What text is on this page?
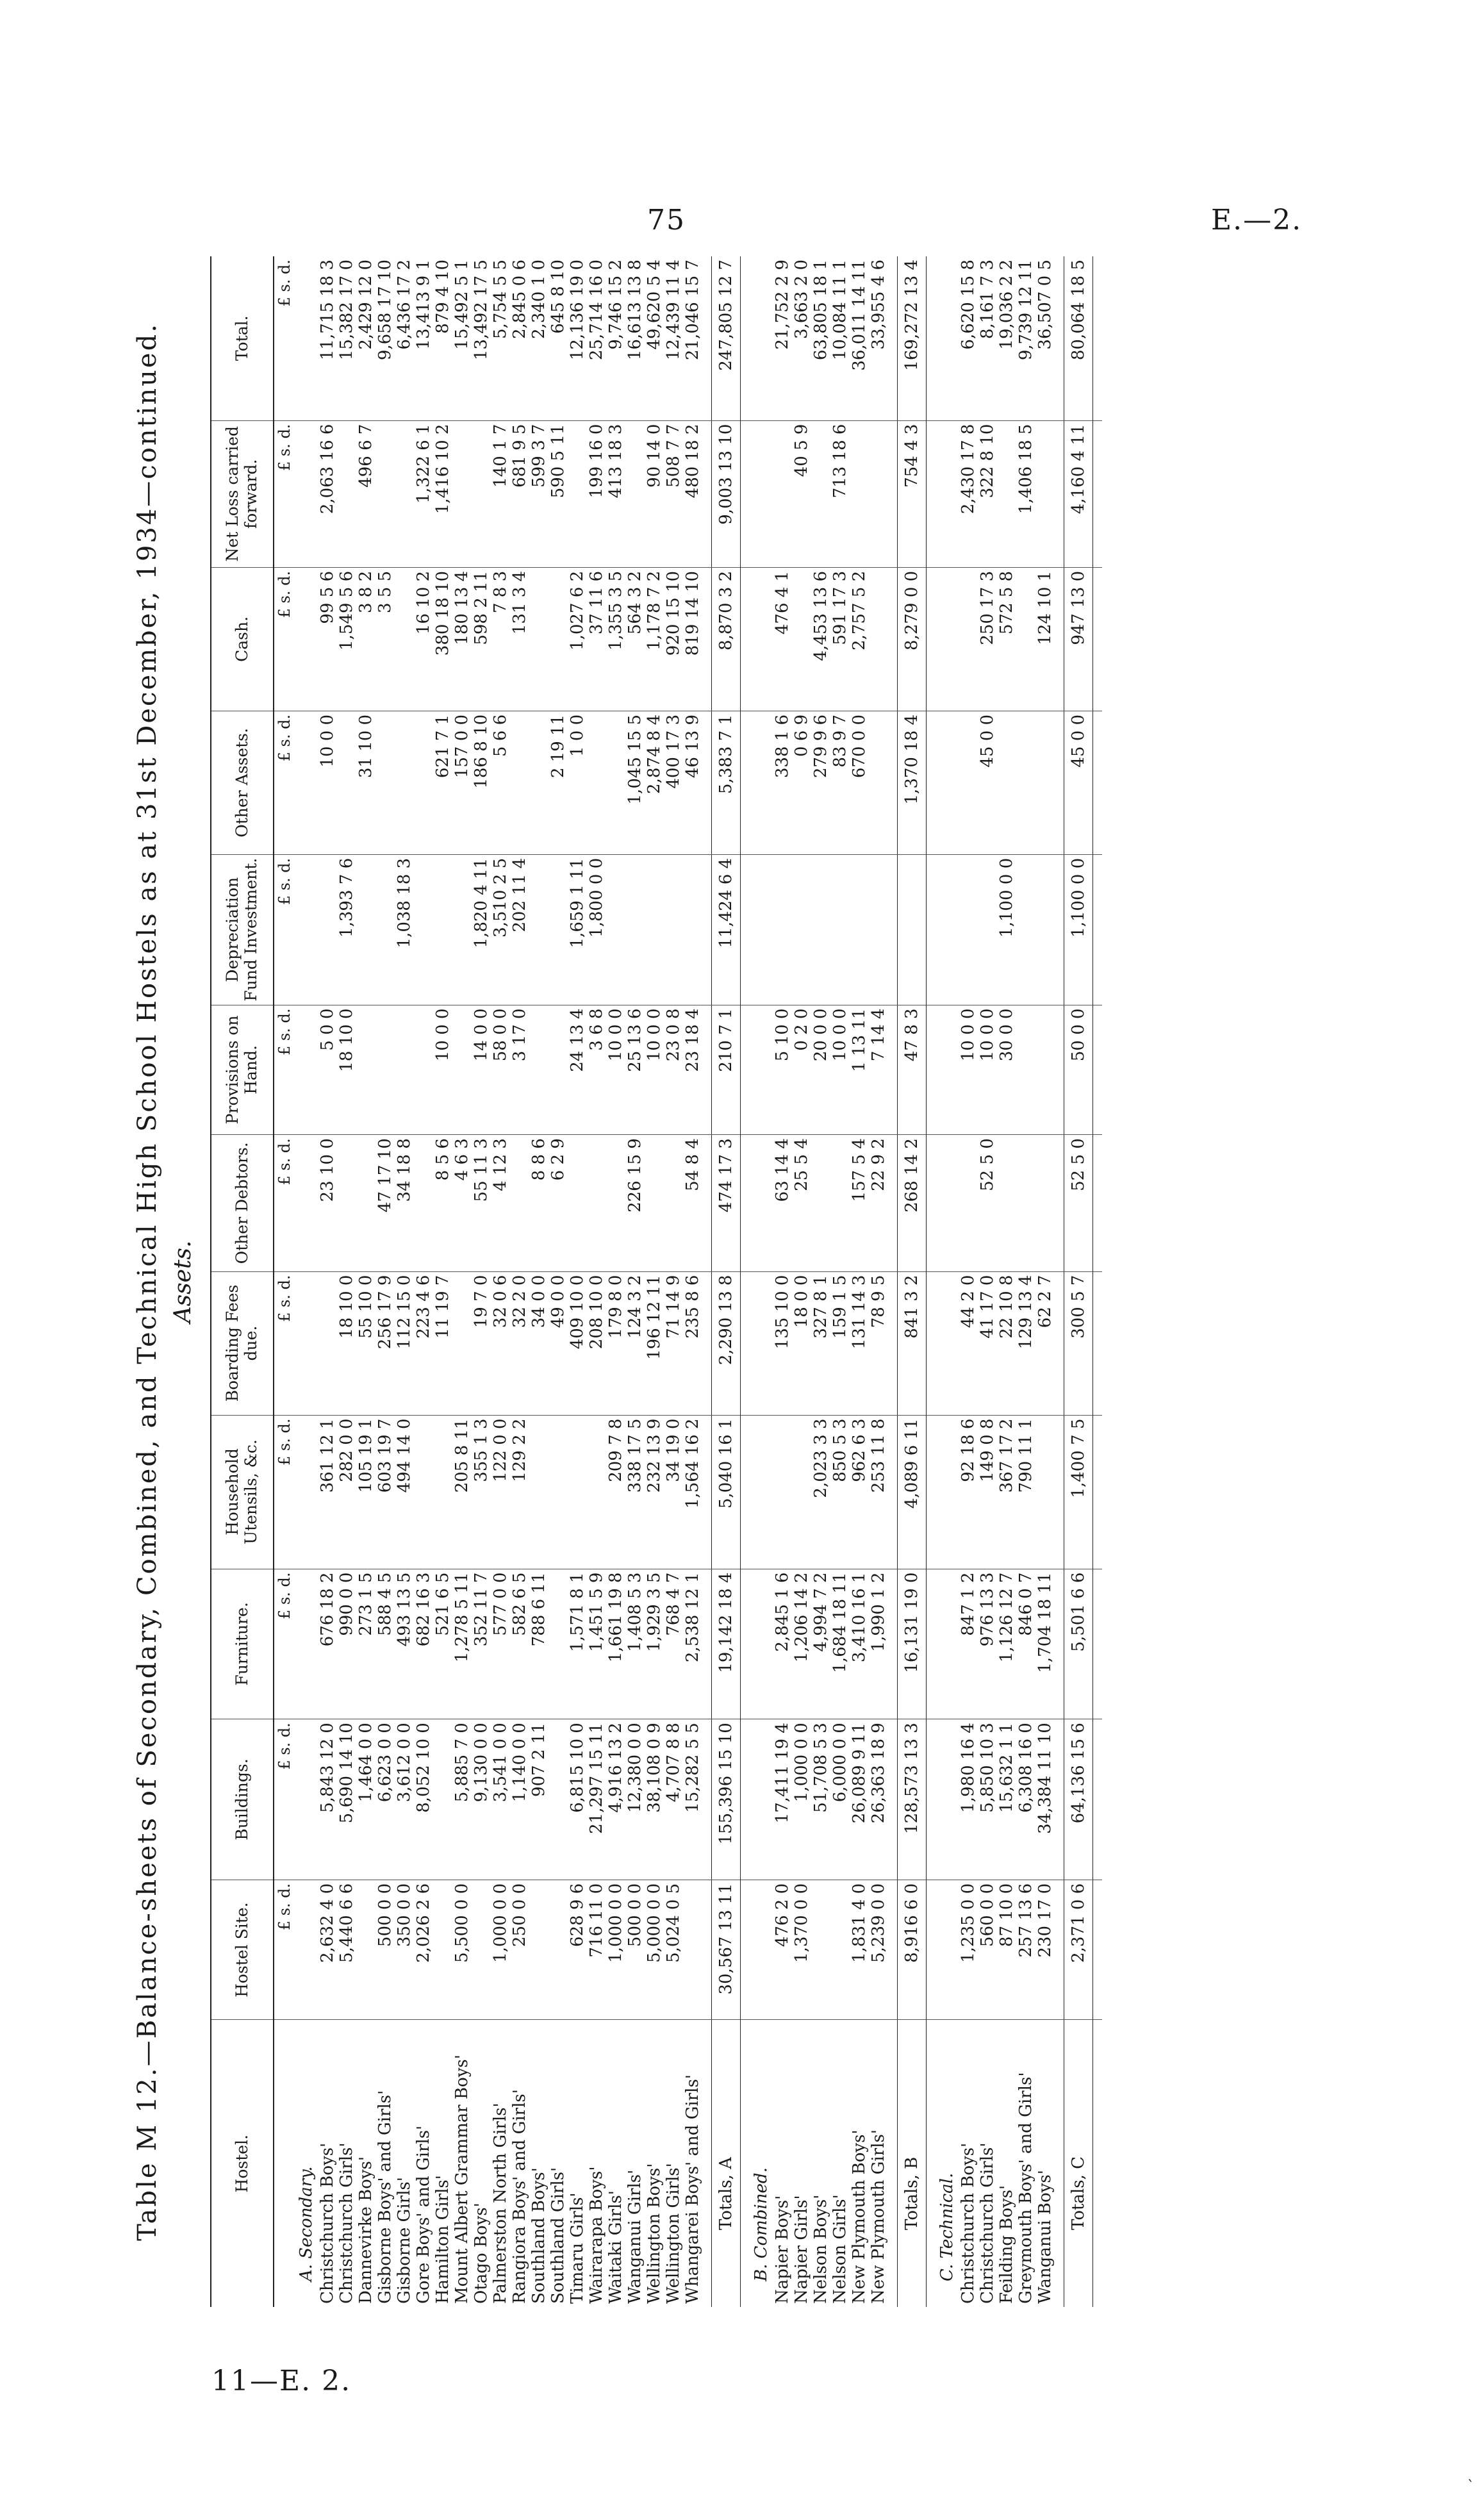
75	E.—2.
11—E. 2.
`
Table M 12.—Balance-sheets of Secondary, Combined, and Technical High School Hostels as at 31st December, 1934—continued. Assets.
Hostel.	Hostel Site.	Buildings.	Furniture.	Household Utensils, &c.	Boarding Fees due.	Other Debtors.	Provisions on Hand.	Depreciation Fund Investment.	Other Assets.	Cash.	Net Loss carried forward.	Total.
	£ s. d.	£ s. d.	£ s. d.	£ s. d.	£ s. d.	£ s. d.	£ s. d.	£ s. d.	£ s. d.	£ s. d.	£ s. d.	£ s. d.
A. Secondary.												
Christchurch Boys'	2,632 4 0	5,843 12 0	676 18 2	361 12 1		23 10 0	5 0 0		10 0 0	99 5 6	2,063 16 6	11,715 18 3
Christchurch Girls'	5,440 6 6	5,690 14 10	990 0 0	282 0 0	18 10 0		18 10 0	1,393 7 6		1,549 5 6		15,382 17 0
Dannevirke Boys'		1,464 0 0	273 1 5	105 19 1	55 10 0				31 10 0	3 8 2	496 6 7	2,429 12 0
Gisborne Boys' and Girls'	500 0 0	6,623 0 0	588 4 5	603 19 7	256 17 9	47 17 10				3 5 5		9,658 17 10
Gisborne Girls'	350 0 0	3,612 0 0	493 13 5	494 14 0	112 15 0	34 18 8		1,038 18 3				6,436 17 2
Gore Boys' and Girls'	2,026 2 6	8,052 10 0	682 16 3		223 4 6					16 10 2	1,322 6 1	13,413 9 1
Hamilton Girls'			521 6 5		11 19 7	8 5 6	10 0 0		621 7 1	380 18 10	1,416 10 2	879 4 10
Mount Albert Grammar Boys'	5,500 0 0	5,885 7 0	1,278 5 11	205 8 11		4 6 3			157 0 0	180 13 4		15,492 5 1
Otago Boys'		9,130 0 0	352 11 7	355 1 3	19 7 0	55 11 3	14 0 0	1,820 4 11	186 8 10	598 2 11		13,492 17 5
Palmerston North Girls'	1,000 0 0	3,541 0 0	577 0 0	122 0 0	32 0 6	4 12 3	58 0 0	3,510 2 5	5 6 6	7 8 3	140 1 7	5,754 5 5
Rangiora Boys' and Girls'	250 0 0	1,140 0 0	582 6 5	129 2 2	32 2 0		3 17 0	202 11 4		131 3 4	681 9 5	2,845 0 6
Southland Boys'		907 2 11	788 6 11		34 0 0	8 8 6					599 3 7	2,340 1 0
Southland Girls'					49 0 0	6 2 9			2 19 11		590 5 11	645 8 10
Timaru Girls'	628 9 6	6,815 10 0	1,571 8 1		409 10 0		24 13 4	1,659 1 11	1 0 0	1,027 6 2		12,136 19 0
Wairarapa Boys'	716 11 0	21,297 15 11	1,451 5 9		208 10 0		3 6 8	1,800 0 0		37 11 6	199 16 0	25,714 16 0
Waitaki Girls'	1,000 0 0	4,916 13 2	1,661 19 8	209 7 8	179 8 0		10 0 0			1,355 3 5	413 18 3	9,746 15 2
Wanganui Girls'	500 0 0	12,380 0 0	1,408 5 3	338 17 5	124 3 2	226 15 9	25 13 6		1,045 15 5	564 3 2		16,613 13 8
Wellington Boys'	5,000 0 0	38,108 0 9	1,929 3 5	232 13 9	196 12 11		10 0 0		2,874 8 4	1,178 7 2	90 14 0	49,620 5 4
Wellington Girls'	5,024 0 5	4,707 8 8	768 4 7	34 19 0	71 14 9		23 0 8		400 17 3	920 15 10	508 7 7	12,439 11 4
Whangarei Boys' and Girls'		15,282 5 5	2,538 12 1	1,564 16 2	235 8 6	54 8 4	23 18 4		46 13 9	819 14 10	480 18 2	21,046 15 7

Totals, A	30,567 13 11	155,396 15 10	19,142 18 4	5,040 16 1	2,290 13 8	474 17 3	210 7 1	11,424 6 4	5,383 7 1	8,870 3 2	9,003 13 10	247,805 12 7

B. Combined.												
Napier Boys'	476 2 0	17,411 19 4	2,845 1 6		135 10 0	63 14 4	5 10 0		338 1 6	476 4 1		21,752 2 9
Napier Girls'	1,370 0 0	1,000 0 0	1,206 14 2		18 0 0	25 5 4	0 2 0		0 6 9		40 5 9	3,663 2 0
Nelson Boys'		51,708 5 3	4,994 7 2	2,023 3 3	327 8 1		20 0 0		279 9 6	4,453 13 6		63,805 18 1
Nelson Girls'		6,000 0 0	1,684 18 11	850 5 3	159 1 5		10 0 0		83 9 7	591 17 3	713 18 6	10,084 11 1
New Plymouth Boys'	1,831 4 0	26,089 9 11	3,410 16 1	962 6 3	131 14 3	157 5 4	1 13 11		670 0 0	2,757 5 2		36,011 14 11
New Plymouth Girls'	5,239 0 0	26,363 18 9	1,990 1 2	253 11 8	78 9 5	22 9 2	7 14 4					33,955 4 6

Totals, B	8,916 6 0	128,573 13 3	16,131 19 0	4,089 6 11	841 3 2	268 14 2	47 8 3		1,370 18 4	8,279 0 0	754 4 3	169,272 13 4

C. Technical.												
Christchurch Boys'	1,235 0 0	1,980 16 4	847 1 2	92 18 6	44 2 0		10 0 0				2,430 17 8	6,620 15 8
Christchurch Girls'	560 0 0	5,850 10 3	976 13 3	149 0 8	41 17 0	52 5 0	10 0 0		45 0 0	250 17 3	322 8 10	8,161 7 3
Feilding Boys'	87 10 0	15,632 1 1	1,126 12 7	367 17 2	22 10 8		30 0 0	1,100 0 0		572 5 8		19,036 2 2
Greymouth Boys' and Girls'	257 13 6	6,308 16 0	846 0 7	790 11 1	129 13 4						1,406 18 5	9,739 12 11
Wanganui Boys'	230 17 0	34,384 11 10	1,704 18 11		62 2 7					124 10 1		36,507 0 5

Totals, C	2,371 0 6	64,136 15 6	5,501 6 6	1,400 7 5	300 5 7	52 5 0	50 0 0	1,100 0 0	45 0 0	947 13 0	4,160 4 11	80,064 18 5
